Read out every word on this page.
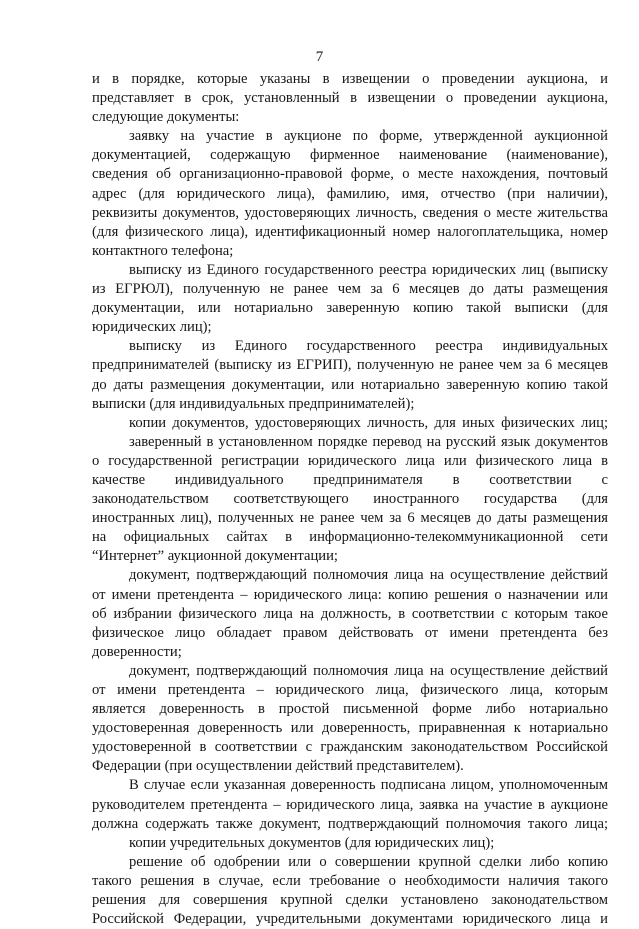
7
и в порядке, которые указаны в извещении о проведении аукциона, и
представляет в срок, установленный в извещении о проведении аукциона,
следующие документы:
заявку на участие в аукционе по форме, утвержденной аукционной
документацией, содержащую фирменное наименование (наименование),
сведения об организационно-правовой форме, о месте нахождения, почтовый
адрес (для юридического лица), фамилию, имя, отчество (при наличии),
реквизиты документов, удостоверяющих личность, сведения о месте жительства
(для физического лица), идентификационный номер налогоплательщика, номер
контактного телефона;
выписку из Единого государственного реестра юридических лиц (выписку
из ЕГРЮЛ), полученную не ранее чем за 6 месяцев до даты размещения
документации, или нотариально заверенную копию такой выписки (для
юридических лиц);
выписку из Единого государственного реестра индивидуальных
предпринимателей (выписку из ЕГРИП), полученную не ранее чем за 6 месяцев
до даты размещения документации, или нотариально заверенную копию такой
выписки (для индивидуальных предпринимателей);
копии документов, удостоверяющих личность, для иных физических лиц;
заверенный в установленном порядке перевод на русский язык документов
о государственной регистрации юридического лица или физического лица в
качестве индивидуального предпринимателя в соответствии с
законодательством соответствующего иностранного государства (для
иностранных лиц), полученных не ранее чем за 6 месяцев до даты размещения
на официальных сайтах в информационно-телекоммуникационной сети
“Интернет” аукционной документации;
документ, подтверждающий полномочия лица на осуществление действий
от имени претендента – юридического лица: копию решения о назначении или
об избрании физического лица на должность, в соответствии с которым такое
физическое лицо обладает правом действовать от имени претендента без
доверенности;
документ, подтверждающий полномочия лица на осуществление действий
от имени претендента – юридического лица, физического лица, которым
является доверенность в простой письменной форме либо нотариально
удостоверенная доверенность или доверенность, приравненная к нотариально
удостоверенной в соответствии с гражданским законодательством Российской
Федерации (при осуществлении действий представителем).
В случае если указанная доверенность подписана лицом, уполномоченным
руководителем претендента – юридического лица, заявка на участие в аукционе
должна содержать также документ, подтверждающий полномочия такого лица;
копии учредительных документов (для юридических лиц);
решение об одобрении или о совершении крупной сделки либо копию
такого решения в случае, если требование о необходимости наличия такого
решения для совершения крупной сделки установлено законодательством
Российской Федерации, учредительными документами юридического лица и
